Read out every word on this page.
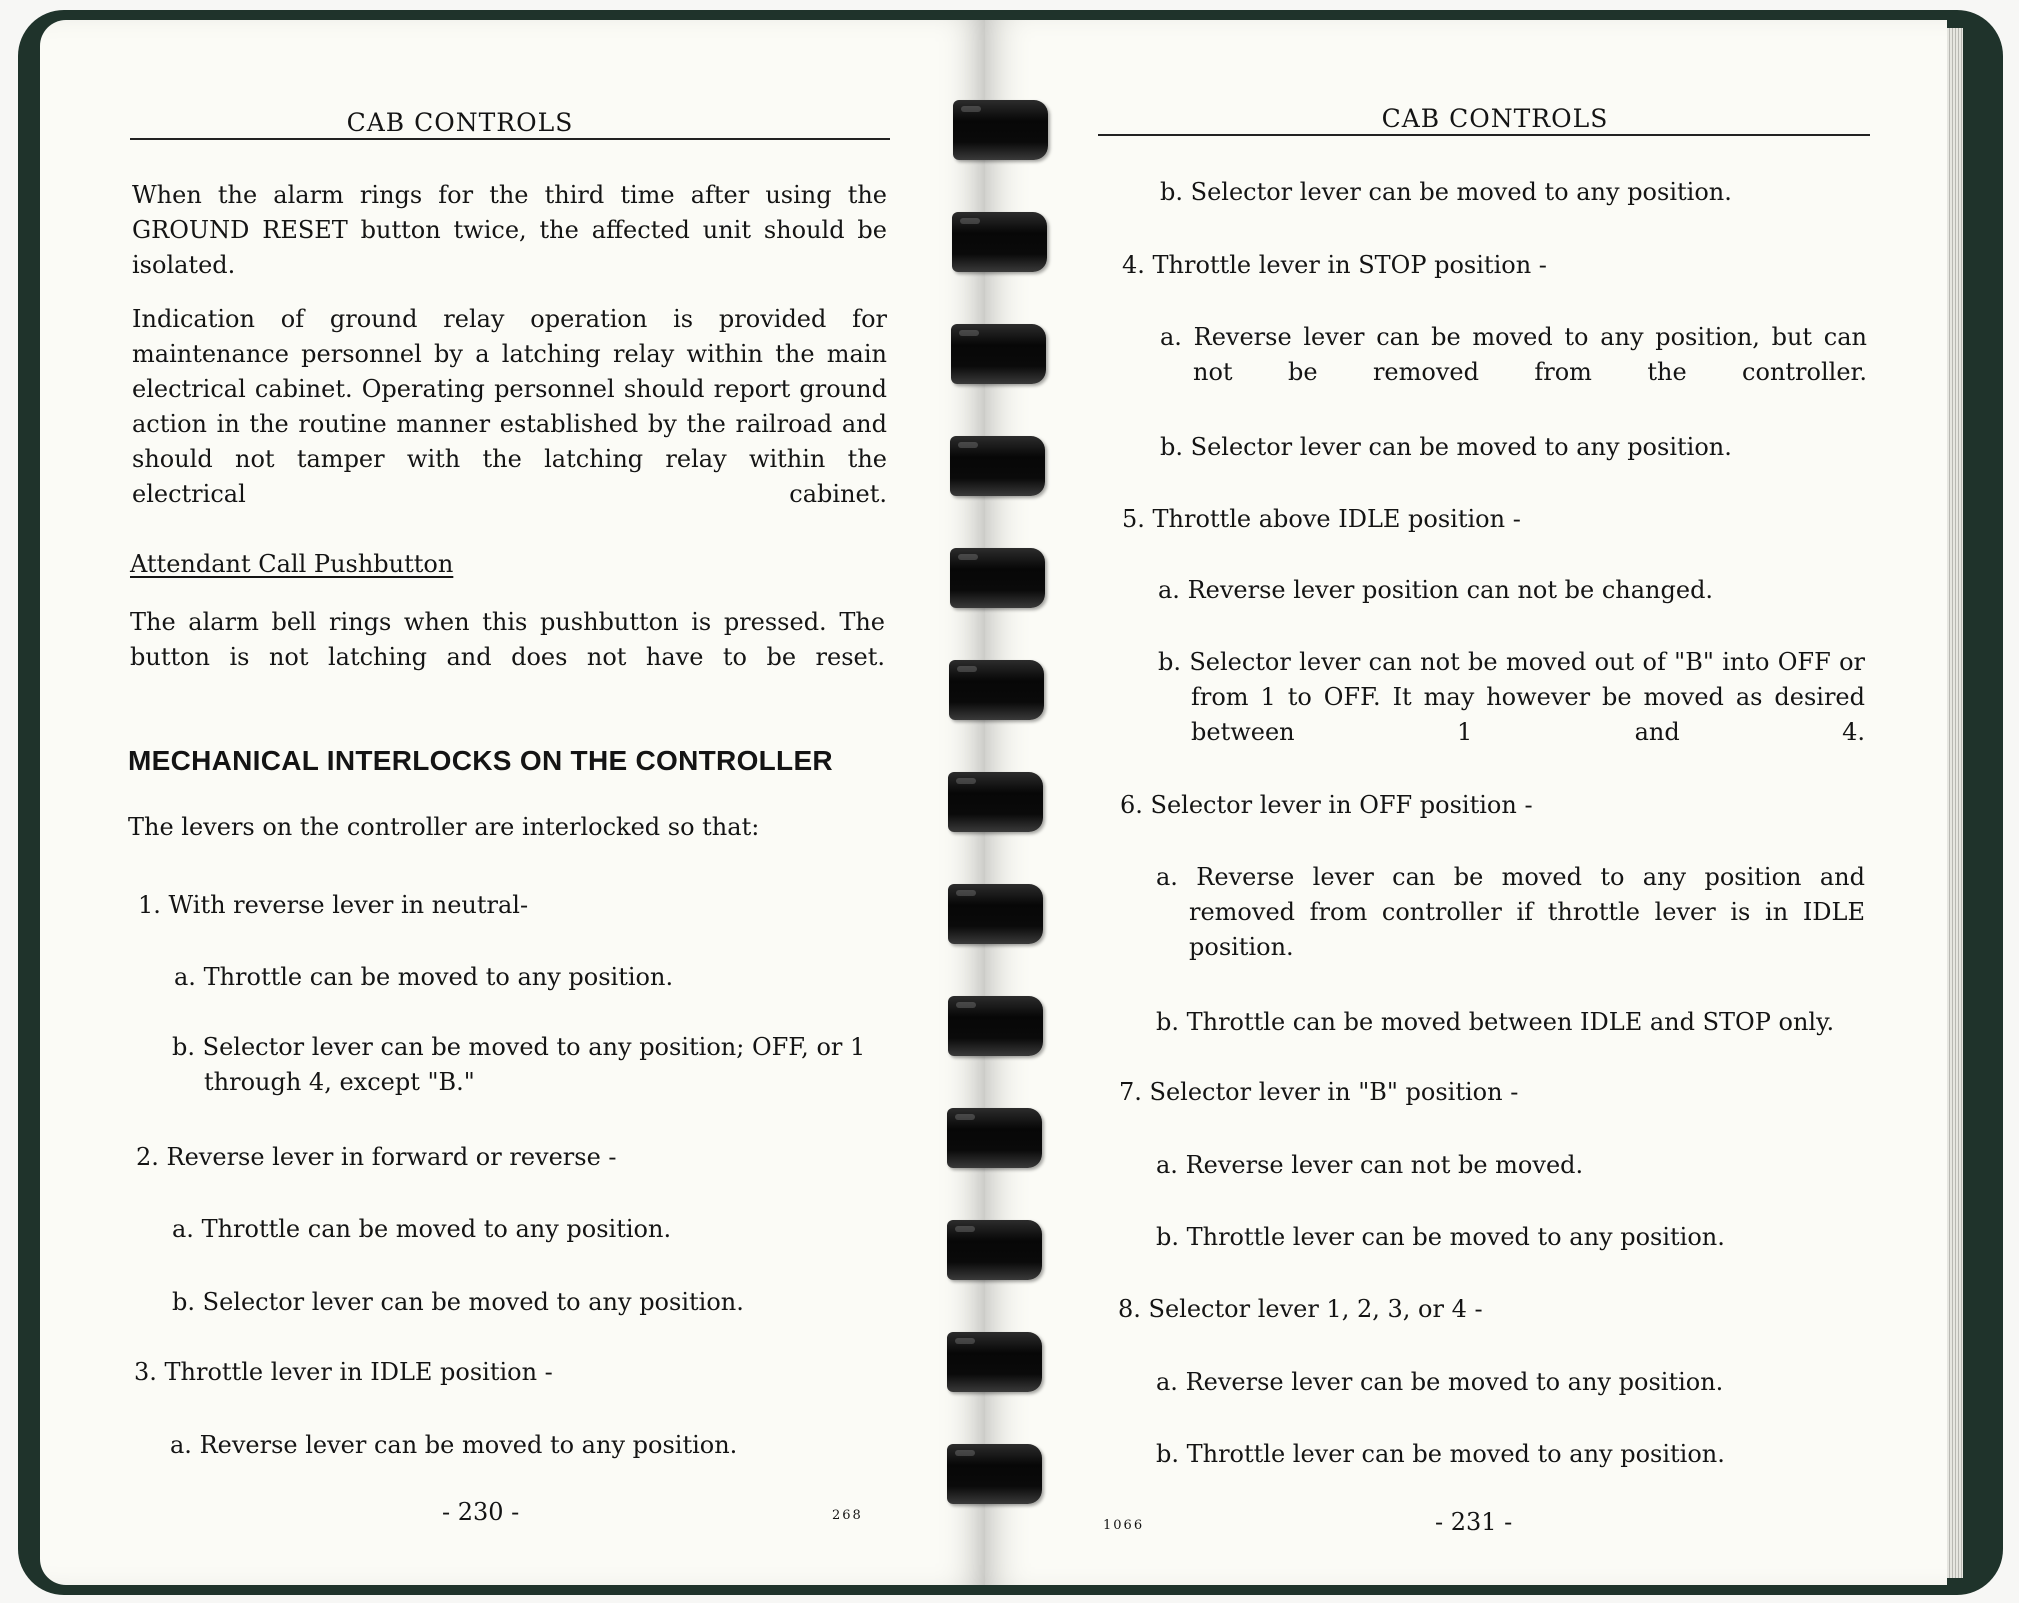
CAB CONTROLS

When the alarm rings for the third time after using the GROUND RESET button twice, the affected unit should be isolated.

Indication of ground relay operation is provided for maintenance personnel by a latching relay within the main electrical cabinet. Operating personnel should report ground action in the routine manner established by the railroad and should not tamper with the latching relay within the electrical cabinet.

Attendant Call Pushbutton

The alarm bell rings when this pushbutton is pressed. The button is not latching and does not have to be reset.

MECHANICAL INTERLOCKS ON THE CONTROLLER

The levers on the controller are interlocked so that:

1. With reverse lever in neutral-

a. Throttle can be moved to any position.

b. Selector lever can be moved to any position; OFF, or 1 through 4, except "B."

2. Reverse lever in forward or reverse -

a. Throttle can be moved to any position.

b. Selector lever can be moved to any position.

3. Throttle lever in IDLE position -

a. Reverse lever can be moved to any position.

- 230 -	268
CAB CONTROLS

b. Selector lever can be moved to any position.

4. Throttle lever in STOP position -

a. Reverse lever can be moved to any position, but can not be removed from the controller.

b. Selector lever can be moved to any position.

5. Throttle above IDLE position -

a. Reverse lever position can not be changed.

b. Selector lever can not be moved out of "B" into OFF or from 1 to OFF. It may however be moved as desired between 1 and 4.

6. Selector lever in OFF position -

a. Reverse lever can be moved to any position and removed from controller if throttle lever is in IDLE position.

b. Throttle can be moved between IDLE and STOP only.

7. Selector lever in "B" position -

a. Reverse lever can not be moved.

b. Throttle lever can be moved to any position.

8. Selector lever 1, 2, 3, or 4 -

a. Reverse lever can be moved to any position.

b. Throttle lever can be moved to any position.

1066	- 231 -
